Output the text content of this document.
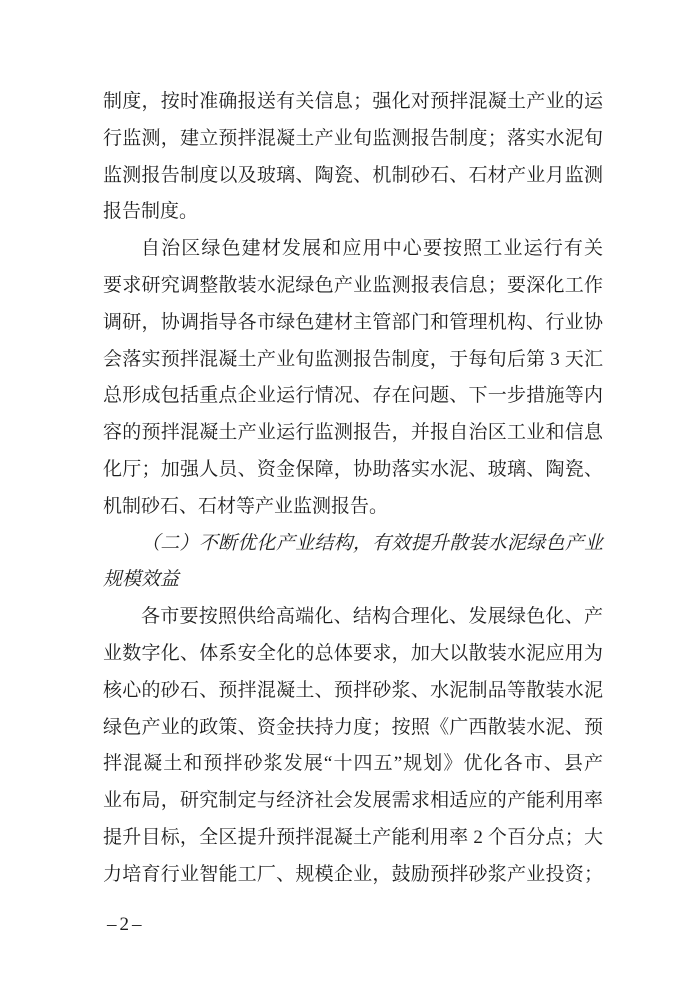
制度，按时准确报送有关信息；强化对预拌混凝土产业的运

行监测，建立预拌混凝土产业旬监测报告制度；落实水泥旬

监测报告制度以及玻璃、陶瓷、机制砂石、石材产业月监测

报告制度。

自治区绿色建材发展和应用中心要按照工业运行有关

要求研究调整散装水泥绿色产业监测报表信息；要深化工作

调研，协调指导各市绿色建材主管部门和管理机构、行业协

会落实预拌混凝土产业旬监测报告制度，于每旬后第 3 天汇

总形成包括重点企业运行情况、存在问题、下一步措施等内

容的预拌混凝土产业运行监测报告，并报自治区工业和信息

化厅；加强人员、资金保障，协助落实水泥、玻璃、陶瓷、

机制砂石、石材等产业监测报告。

（二）不断优化产业结构，有效提升散装水泥绿色产业

规模效益

各市要按照供给高端化、结构合理化、发展绿色化、产

业数字化、体系安全化的总体要求，加大以散装水泥应用为

核心的砂石、预拌混凝土、预拌砂浆、水泥制品等散装水泥

绿色产业的政策、资金扶持力度；按照《广西散装水泥、预

拌混凝土和预拌砂浆发展“十四五”规划》优化各市、县产

业布局，研究制定与经济社会发展需求相适应的产能利用率

提升目标，全区提升预拌混凝土产能利用率 2 个百分点；大

力培育行业智能工厂、规模企业，鼓励预拌砂浆产业投资；

–2–
